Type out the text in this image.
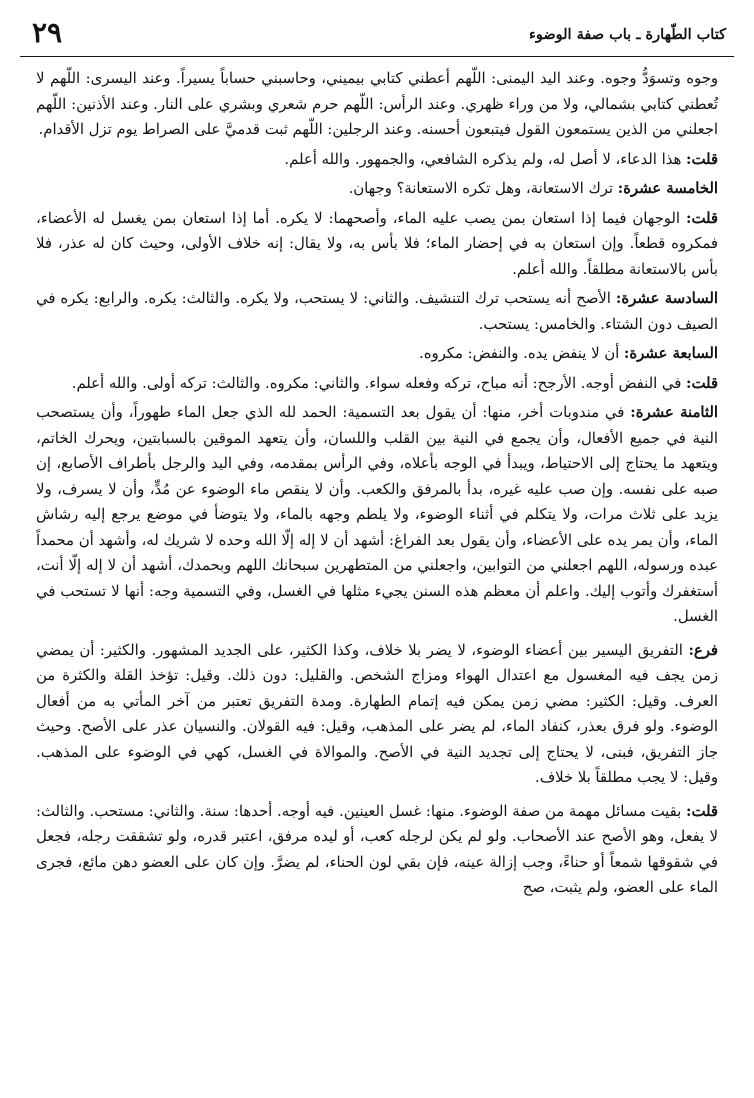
كتاب الطّهارة ـ باب صفة الوضوء
٢٩

وجوه وتسوَدُّ وجوه. وعند اليد اليمنى: اللّهم أعطني كتابي بيميني، وحاسبني حساباً يسيراً. وعند اليسرى: اللّهم لا تُعطني كتابي بشمالي، ولا من وراء ظهري. وعند الرأس: اللّهم حرم شعري وبشري على النار. وعند الأذنين: اللّهم اجعلني من الذين يستمعون القول فيتبعون أحسنه. وعند الرجلين: اللّهم ثبت قدميَّ على الصراط يوم تزل الأقدام.

قلت: هذا الدعاء، لا أصل له، ولم يذكره الشافعي، والجمهور. والله أعلم.

الخامسة عشرة: ترك الاستعانة، وهل تكره الاستعانة؟ وجهان.

قلت: الوجهان فيما إذا استعان بمن يصب عليه الماء، وأصحهما: لا يكره. أما إذا استعان بمن يغسل له الأعضاء، فمكروه قطعاً. وإن استعان به في إحضار الماء؛ فلا بأس به، ولا يقال: إنه خلاف الأولى، وحيث كان له عذر، فلا بأس بالاستعانة مطلقاً. والله أعلم.

السادسة عشرة: الأصح أنه يستحب ترك التنشيف. والثاني: لا يستحب، ولا يكره. والثالث: يكره. والرابع: يكره في الصيف دون الشتاء. والخامس: يستحب.

السابعة عشرة: أن لا ينفض يده. والنفض: مكروه.

قلت: في النفض أوجه. الأرجح: أنه مباح، تركه وفعله سواء. والثاني: مكروه. والثالث: تركه أولى. والله أعلم.

الثامنة عشرة: في مندوبات أخر، منها: أن يقول بعد التسمية: الحمد لله الذي جعل الماء طهوراً، وأن يستصحب النية في جميع الأفعال، وأن يجمع في النية بين القلب واللسان، وأن يتعهد الموقين بالسبابتين، ويحرك الخاتم، ويتعهد ما يحتاج إلى الاحتياط، ويبدأ في الوجه بأعلاه، وفي الرأس بمقدمه، وفي اليد والرجل بأطراف الأصابع، إن صبه على نفسه. وإن صب عليه غيره، بدأ بالمرفق والكعب. وأن لا ينقص ماء الوضوء عن مُدٍّ، وأن لا يسرف، ولا يزيد على ثلاث مرات، ولا يتكلم في أثناء الوضوء، ولا يلطم وجهه بالماء، ولا يتوضأ في موضع يرجع إليه رشاش الماء، وأن يمر يده على الأعضاء، وأن يقول بعد الفراغ: أشهد أن لا إله إلّا الله وحده لا شريك له، وأشهد أن محمداً عبده ورسوله، اللهم اجعلني من التوابين، واجعلني من المتطهرين سبحانك اللهم وبحمدك، أشهد أن لا إله إلّا أنت، أستغفرك وأتوب إليك. واعلم أن معظم هذه السنن يجيء مثلها في الغسل، وفي التسمية وجه: أنها لا تستحب في الغسل.

فرع: التفريق اليسير بين أعضاء الوضوء، لا يضر بلا خلاف، وكذا الكثير، على الجديد المشهور. والكثير: أن يمضي زمن يجف فيه المغسول مع اعتدال الهواء ومزاج الشخص. والقليل: دون ذلك. وقيل: تؤخذ القلة والكثرة من العرف. وقيل: الكثير: مضي زمن يمكن فيه إتمام الطهارة. ومدة التفريق تعتبر من آخر المأتي به من أفعال الوضوء. ولو فرق بعذر، كنفاد الماء، لم يضر على المذهب، وقيل: فيه القولان. والنسيان عذر على الأصح. وحيث جاز التفريق، فبنى، لا يحتاج إلى تجديد النية في الأصح. والموالاة في الغسل، كهي في الوضوء على المذهب. وقيل: لا يجب مطلقاً بلا خلاف.

قلت: بقيت مسائل مهمة من صفة الوضوء. منها: غسل العينين. فيه أوجه. أحدها: سنة. والثاني: مستحب. والثالث: لا يفعل، وهو الأصح عند الأصحاب. ولو لم يكن لرجله كعب، أو ليده مرفق، اعتبر قدره، ولو تشققت رجله، فجعل في شقوقها شمعاً أو حناءً، وجب إزالة عينه، فإن بقي لون الحناء، لم يضرَّ. وإن كان على العضو دهن مائع، فجرى الماء على العضو، ولم يثبت، صح
